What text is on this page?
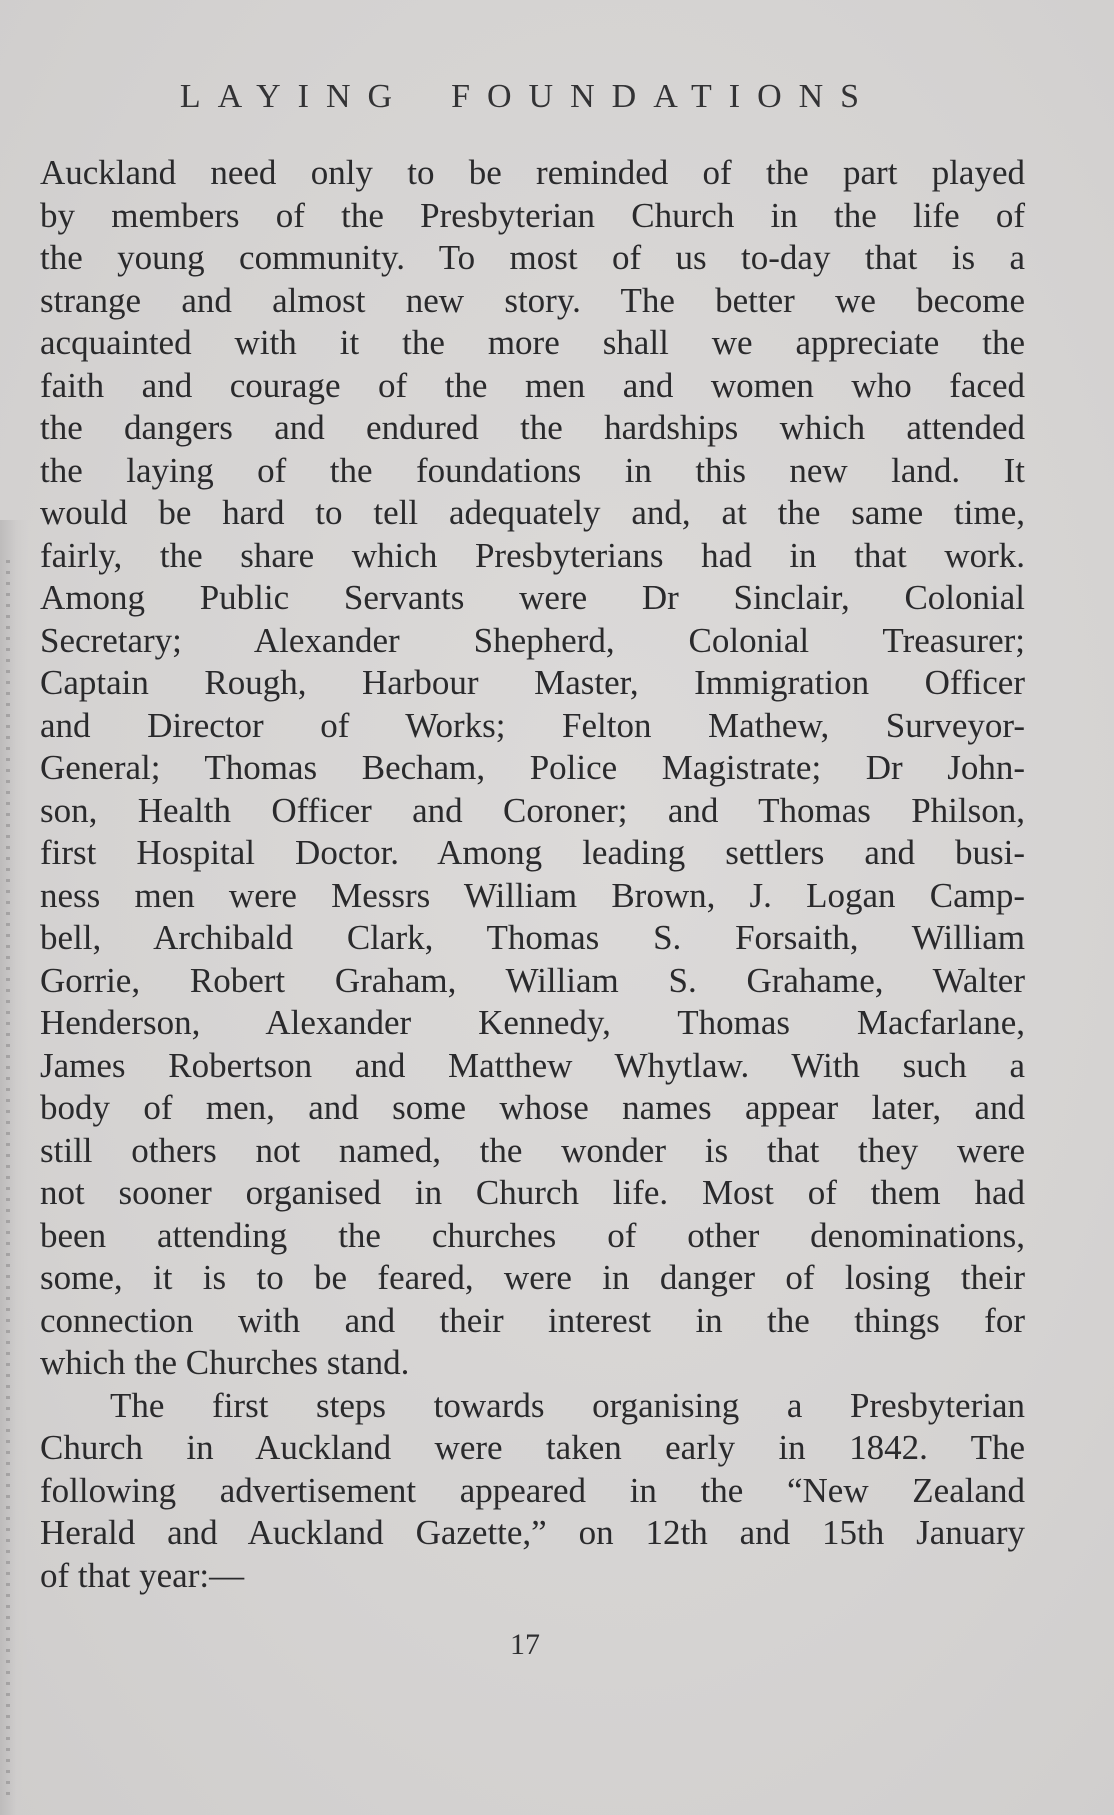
LAYING FOUNDATIONS
Auckland need only to be reminded of the part played
by members of the Presbyterian Church in the life of
the young community. To most of us to-day that is a
strange and almost new story. The better we become
acquainted with it the more shall we appreciate the
faith and courage of the men and women who faced
the dangers and endured the hardships which attended
the laying of the foundations in this new land. It
would be hard to tell adequately and, at the same time,
fairly, the share which Presbyterians had in that work.
Among Public Servants were Dr Sinclair, Colonial
Secretary; Alexander Shepherd, Colonial Treasurer;
Captain Rough, Harbour Master, Immigration Officer
and Director of Works; Felton Mathew, Surveyor-
General; Thomas Becham, Police Magistrate; Dr John-
son, Health Officer and Coroner; and Thomas Philson,
first Hospital Doctor. Among leading settlers and busi-
ness men were Messrs William Brown, J. Logan Camp-
bell, Archibald Clark, Thomas S. Forsaith, William
Gorrie, Robert Graham, William S. Grahame, Walter
Henderson, Alexander Kennedy, Thomas Macfarlane,
James Robertson and Matthew Whytlaw. With such a
body of men, and some whose names appear later, and
still others not named, the wonder is that they were
not sooner organised in Church life. Most of them had
been attending the churches of other denominations,
some, it is to be feared, were in danger of losing their
connection with and their interest in the things for
which the Churches stand.
The first steps towards organising a Presbyterian
Church in Auckland were taken early in 1842. The
following advertisement appeared in the “New Zealand
Herald and Auckland Gazette,” on 12th and 15th January
of that year:—
17
